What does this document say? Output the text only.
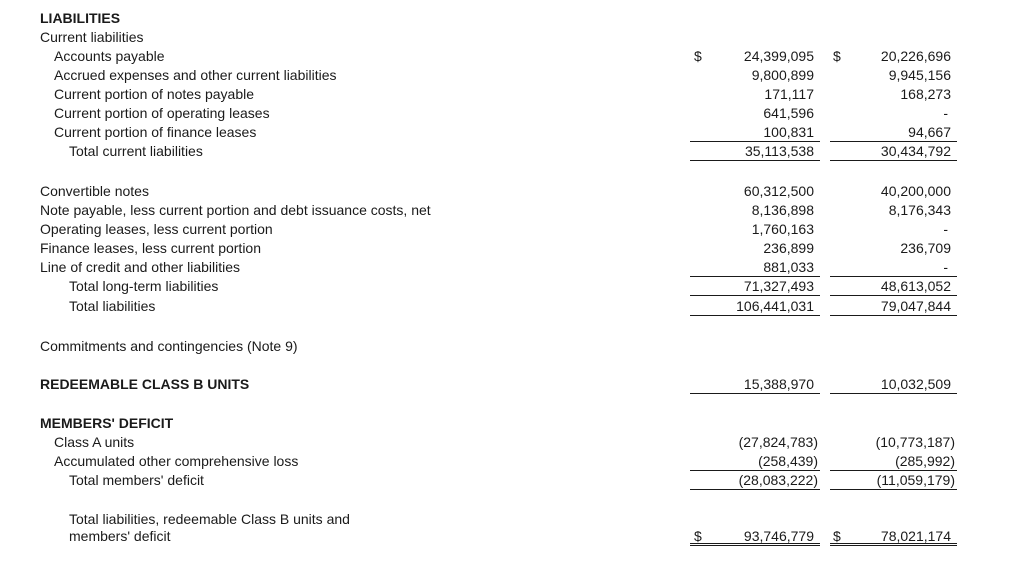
LIABILITIES
Current liabilities
Accounts payable	$	24,399,095	$	20,226,696
Accrued expenses and other current liabilities	9,800,899	9,945,156
Current portion of notes payable	171,117	168,273
Current portion of operating leases	641,596	-
Current portion of finance leases	100,831	94,667
Total current liabilities	35,113,538	30,434,792
Convertible notes	60,312,500	40,200,000
Note payable, less current portion and debt issuance costs, net	8,136,898	8,176,343
Operating leases, less current portion	1,760,163	-
Finance leases, less current portion	236,899	236,709
Line of credit and other liabilities	881,033	-
Total long-term liabilities	71,327,493	48,613,052
Total liabilities	106,441,031	79,047,844
Commitments and contingencies (Note 9)
REDEEMABLE CLASS B UNITS	15,388,970	10,032,509
MEMBERS' DEFICIT
Class A units	(27,824,783)	(10,773,187)
Accumulated other comprehensive loss	(258,439)	(285,992)
Total members' deficit	(28,083,222)	(11,059,179)
Total liabilities, redeemable Class B units and
members' deficit	$	93,746,779	$	78,021,174
